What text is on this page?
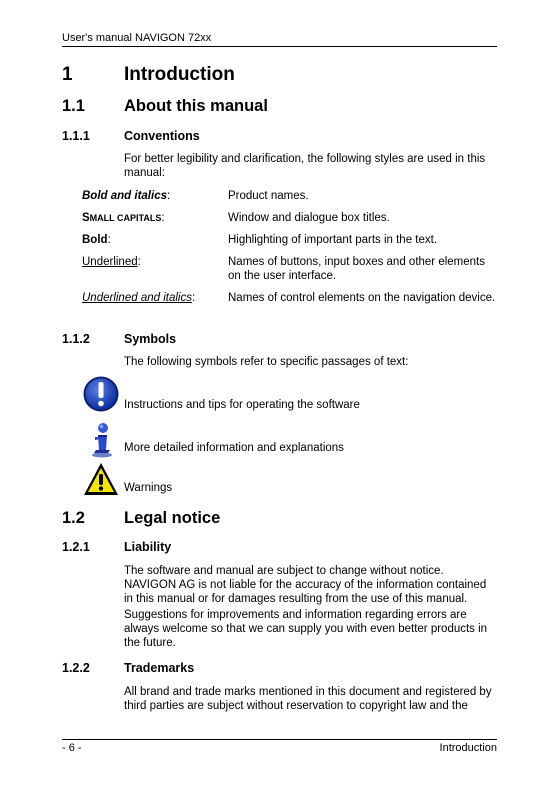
User's manual NAVIGON 72xx
1	Introduction
1.1 About this manual
1.1.1	Conventions
For better legibility and clarification, the following styles are used in this manual:
Bold and italics:	Product names.
SMALL CAPITALS:	Window and dialogue box titles.
Bold:	Highlighting of important parts in the text.
Underlined:	Names of buttons, input boxes and other elements on the user interface.
Underlined and italics:	Names of control elements on the navigation device.
1.1.2	Symbols
The following symbols refer to specific passages of text:
Instructions and tips for operating the software
More detailed information and explanations
Warnings
1.2 Legal notice
1.2.1	Liability
The software and manual are subject to change without notice. NAVIGON AG is not liable for the accuracy of the information contained in this manual or for damages resulting from the use of this manual.
Suggestions for improvements and information regarding errors are always welcome so that we can supply you with even better products in the future.
1.2.2	Trademarks
All brand and trade marks mentioned in this document and registered by third parties are subject without reservation to copyright law and the
- 6 -	Introduction
